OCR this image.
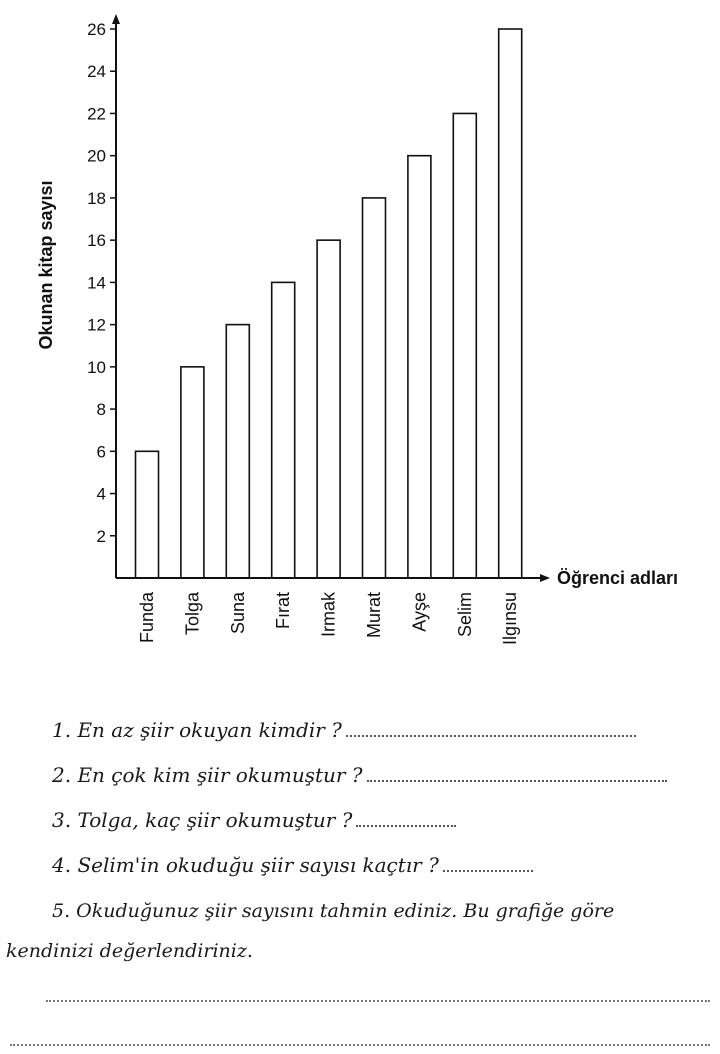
2
4
6
8
10
12
14
16
18
20
22
24
26
Funda Tolga Suna Fırat Irmak Murat Ayşe Selim Ilgınsu
Öğrenci adları
Okunan kitap sayısı
1. En az şiir okuyan kimdir ?
2. En çok kim şiir okumuştur ?
3. Tolga, kaç şiir okumuştur ?
4. Selim'in okuduğu şiir sayısı kaçtır ?
5. Okuduğunuz şiir sayısını tahmin ediniz. Bu grafiğe göre
kendinizi değerlendiriniz.
